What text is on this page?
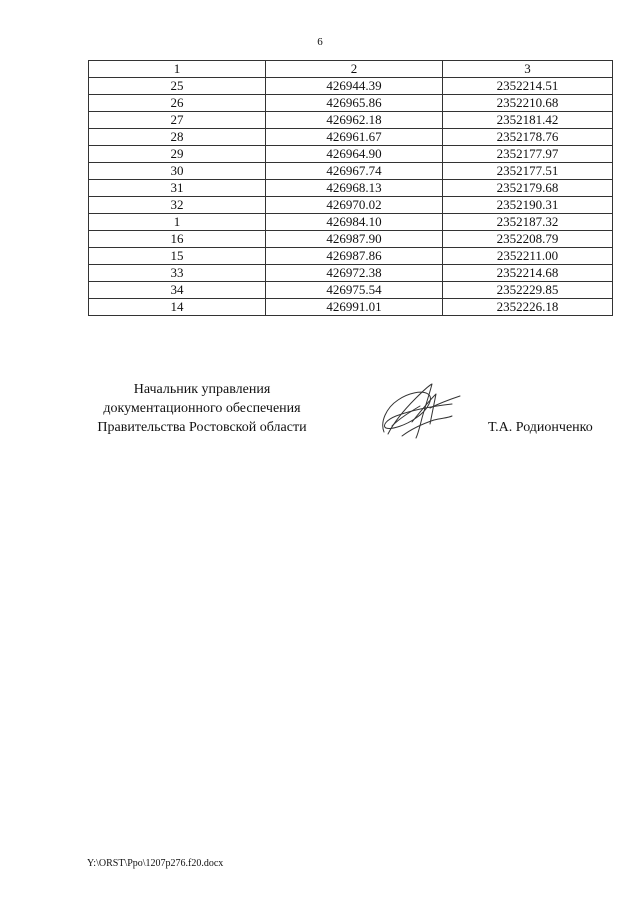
6
1	2	3
25	426944.39	2352214.51
26	426965.86	2352210.68
27	426962.18	2352181.42
28	426961.67	2352178.76
29	426964.90	2352177.97
30	426967.74	2352177.51
31	426968.13	2352179.68
32	426970.02	2352190.31
1	426984.10	2352187.32
16	426987.90	2352208.79
15	426987.86	2352211.00
33	426972.38	2352214.68
34	426975.54	2352229.85
14	426991.01	2352226.18
Начальник управления
документационного обеспечения
Правительства Ростовской области	Т.А. Родионченко
Y:\ORST\Ppo\1207p276.f20.docx
